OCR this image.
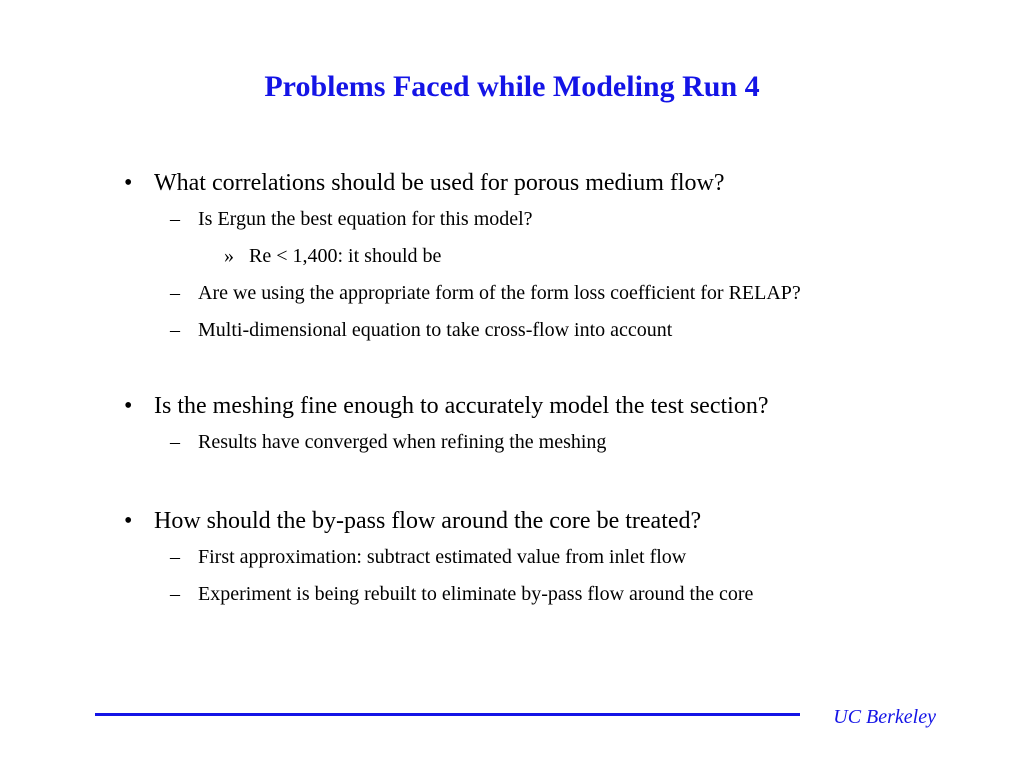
Problems Faced while Modeling Run 4
• What correlations should be used for porous medium flow?
– Is Ergun the best equation for this model?
» Re < 1,400: it should be
– Are we using the appropriate form of the form loss coefficient for RELAP?
– Multi-dimensional equation to take cross-flow into account
• Is the meshing fine enough to accurately model the test section?
– Results have converged when refining the meshing
• How should the by-pass flow around the core be treated?
– First approximation: subtract estimated value from inlet flow
– Experiment is being rebuilt to eliminate by-pass flow around the core
UC Berkeley
